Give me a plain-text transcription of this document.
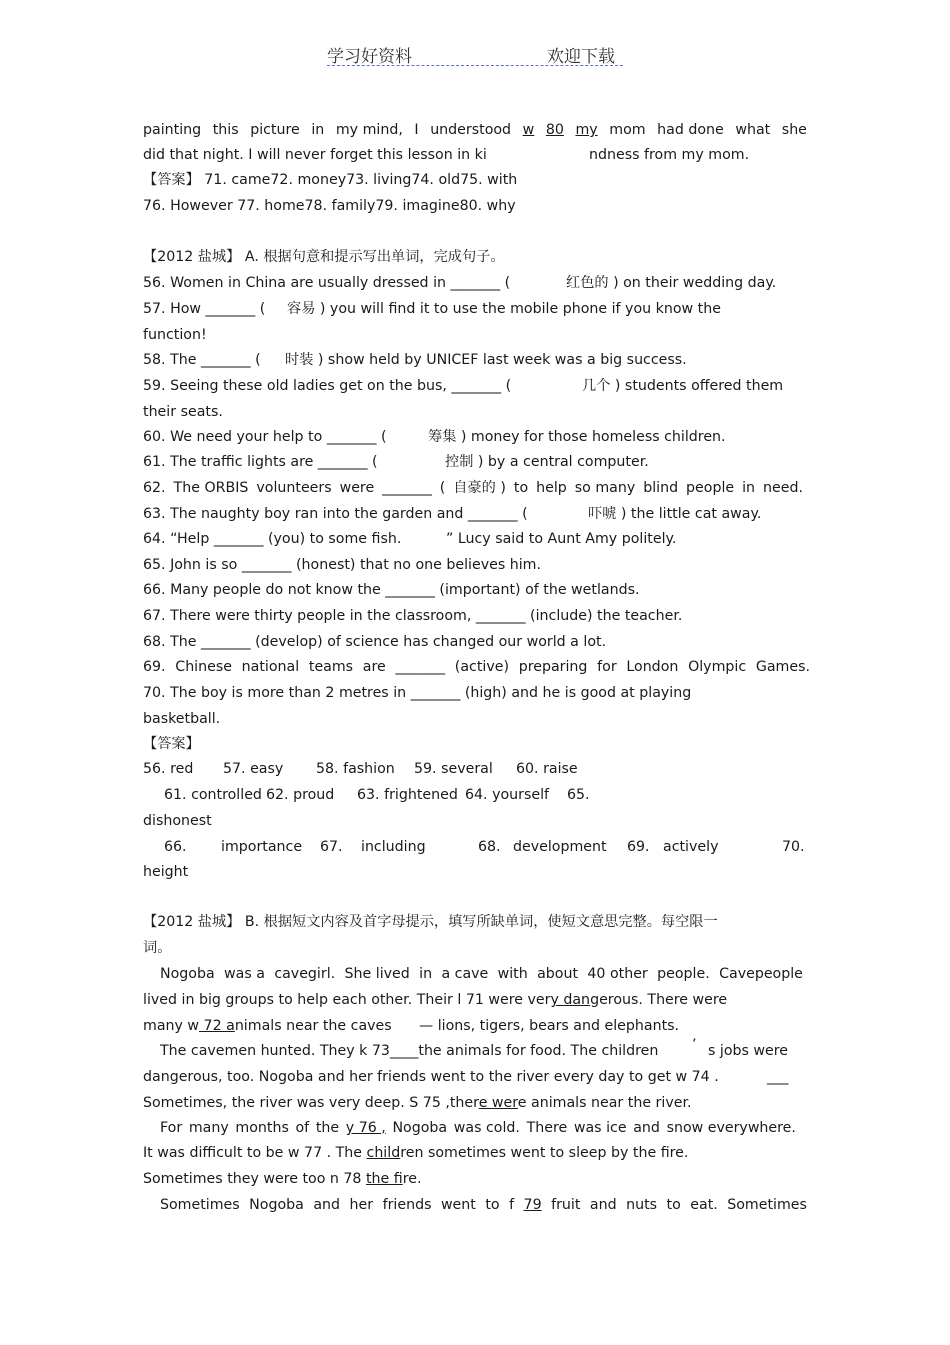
学习好资料	欢迎下载
painting this picture in my mind, I understood w 80 my mom had done what she
did that night. I will never forget this lesson in ki	ndness from my mom.
【答案】 71. came72. money73. living74. old75. with
76. However 77. home78. family79. imagine80. why
【2012 盐城】 A. 根据句意和提示写出单词，完成句子。
56. Women in China are usually dressed in _______ (	红色的 ) on their wedding day.
57. How _______ ( 容易 ) you will find it to use the mobile phone if you know the
function!
58. The _______ ( 时装 ) show held by UNICEF last week was a big success.
59. Seeing these old ladies get on the bus, _______ (	几个 ) students offered them
their seats.
60. We need your help to _______ (	筹集 ) money for those homeless children.
61. The traffic lights are _______ (	控制 ) by a central computer.
62. The ORBIS volunteers were _______ ( 自豪的 ) to help so many blind people in need.
63. The naughty boy ran into the garden and _______ (	吓唬 ) the little cat away.
64. “Help _______ (you) to some fish.	” Lucy said to Aunt Amy politely.
65. John is so _______ (honest) that no one believes him.
66. Many people do not know the _______ (important) of the wetlands.
67. There were thirty people in the classroom, _______ (include) the teacher.
68. The _______ (develop) of science has changed our world a lot.
69. Chinese national teams are _______ (active) preparing for London Olympic Games.
70. The boy is more than 2 metres in _______ (high) and he is good at playing
basketball.
【答案】
56. red 57. easy 58. fashion 59. several 60. raise
61. controlled 62. proud 63. frightened 64. yourself 65.
dishonest
66. importance 67. including	68. development 69. actively	70.
height
【2012 盐城】 B. 根据短文内容及首字母提示，填写所缺单词，使短文意思完整。每空限一
词。
Nogoba was a cavegirl. She lived in a cave with about 40 other people. Cavepeople
lived in big groups to help each other. Their l 71 were very dangerous. There were
many w 72 animals near the caves — lions, tigers, bears and elephants.
The cavemen hunted. They k 73 ____the animals for food. The children ’ s jobs were
dangerous, too. Nogoba and her friends went to the river every day to get w 74 .	___
Sometimes, the river was very deep. S 75 ,there were animals near the river.
For many months of the y 76 , Nogoba was cold. There was ice and snow everywhere.
It was difficult to be w 77 . The children sometimes went to sleep by the fire.
Sometimes they were too n 78 the fire.
Sometimes Nogoba and her friends went to f 79 fruit and nuts to eat. Sometimes
